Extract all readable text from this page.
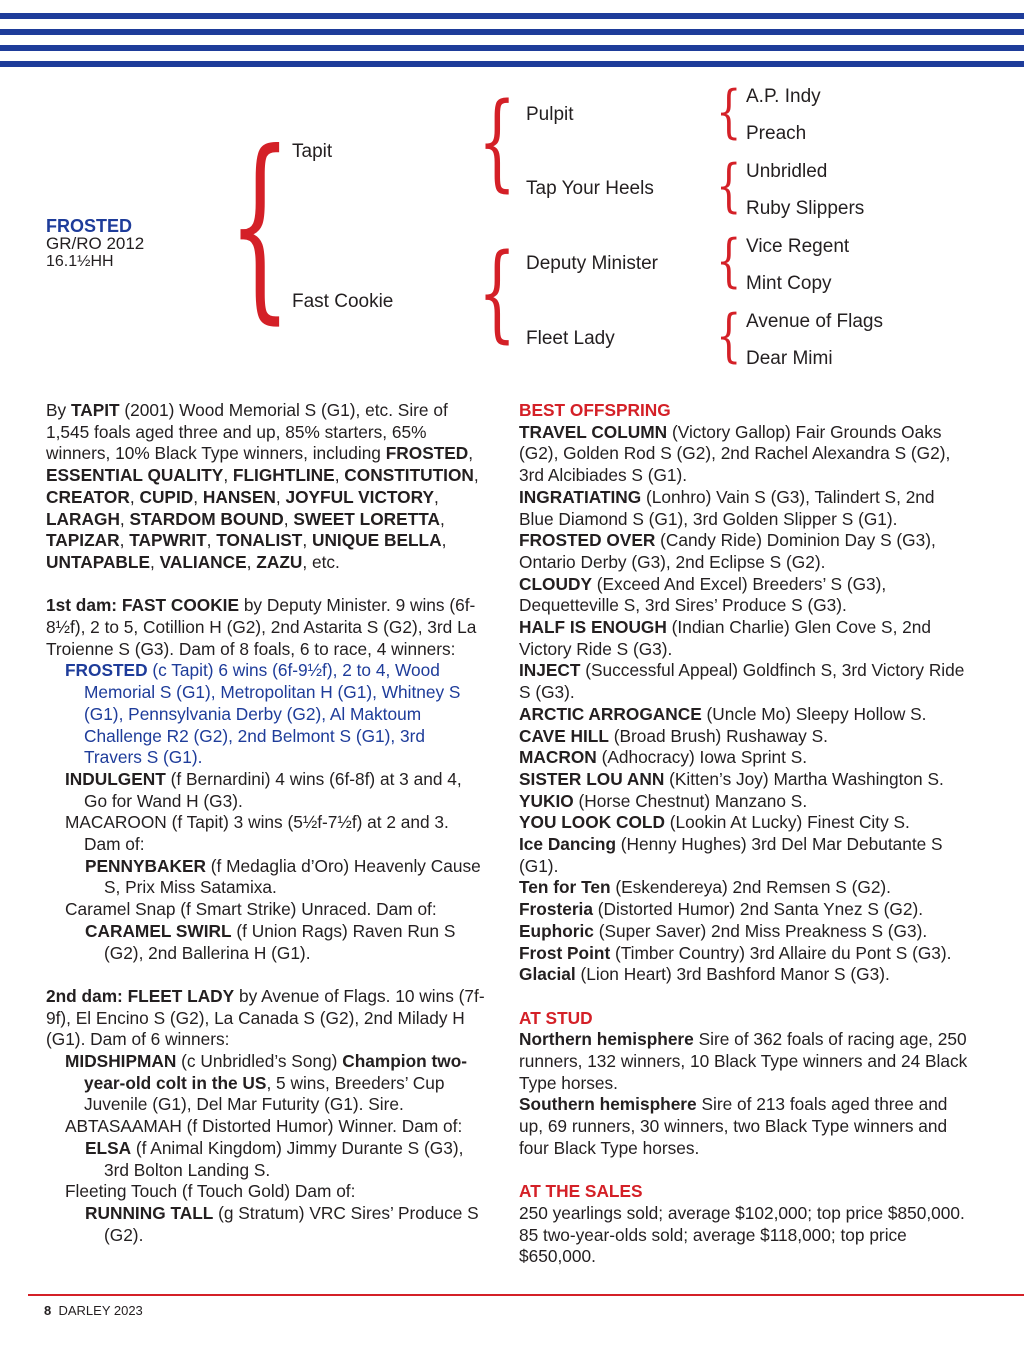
FROSTED
GR/RO 2012
16.1½HH {	{
{
{
{
{
{
Tapit
Fast Cookie
Pulpit
Tap Your Heels
Deputy Minister
Fleet Lady
A.P. Indy
Preach
Unbridled
Ruby Slippers
Vice Regent
Mint Copy
Avenue of Flags
Dear Mimi

By TAPIT (2001) Wood Memorial S (G1), etc. Sire of 1,545 foals aged three and up, 85% starters, 65% winners, 10% Black Type winners, including FROSTED, ESSENTIAL QUALITY, FLIGHTLINE, CONSTITUTION, CREATOR, CUPID, HANSEN, JOYFUL VICTORY, LARAGH, STARDOM BOUND, SWEET LORETTA, TAPIZAR, TAPWRIT, TONALIST, UNIQUE BELLA, UNTAPABLE, VALIANCE, ZAZU, etc.

1st dam: FAST COOKIE by Deputy Minister. 9 wins (6f-8½f), 2 to 5, Cotillion H (G2), 2nd Astarita S (G2), 3rd La Troienne S (G3). Dam of 8 foals, 6 to race, 4 winners:

FROSTED (c Tapit) 6 wins (6f-9½f), 2 to 4, Wood Memorial S (G1), Metropolitan H (G1), Whitney S (G1), Pennsylvania Derby (G2), Al Maktoum Challenge R2 (G2), 2nd Belmont S (G1), 3rd Travers S (G1).

INDULGENT (f Bernardini) 4 wins (6f-8f) at 3 and 4, Go for Wand H (G3).

MACAROON (f Tapit) 3 wins (5½f-7½f) at 2 and 3. Dam of:

PENNYBAKER (f Medaglia d’Oro) Heavenly Cause S, Prix Miss Satamixa.

Caramel Snap (f Smart Strike) Unraced. Dam of:

CARAMEL SWIRL (f Union Rags) Raven Run S (G2), 2nd Ballerina H (G1).

2nd dam: FLEET LADY by Avenue of Flags. 10 wins (7f-9f), El Encino S (G2), La Canada S (G2), 2nd Milady H (G1). Dam of 6 winners:

MIDSHIPMAN (c Unbridled’s Song) Champion two-year-old colt in the US, 5 wins, Breeders’ Cup Juvenile (G1), Del Mar Futurity (G1). Sire.

ABTASAAMAH (f Distorted Humor) Winner. Dam of:

ELSA (f Animal Kingdom) Jimmy Durante S (G3), 3rd Bolton Landing S.

Fleeting Touch (f Touch Gold) Dam of:

RUNNING TALL (g Stratum) VRC Sires’ Produce S (G2).

BEST OFFSPRING

TRAVEL COLUMN (Victory Gallop) Fair Grounds Oaks (G2), Golden Rod S (G2), 2nd Rachel Alexandra S (G2), 3rd Alcibiades S (G1).

INGRATIATING (Lonhro) Vain S (G3), Talindert S, 2nd Blue Diamond S (G1), 3rd Golden Slipper S (G1).

FROSTED OVER (Candy Ride) Dominion Day S (G3), Ontario Derby (G3), 2nd Eclipse S (G2).

CLOUDY (Exceed And Excel) Breeders’ S (G3), Dequetteville S, 3rd Sires’ Produce S (G3).

HALF IS ENOUGH (Indian Charlie) Glen Cove S, 2nd Victory Ride S (G3).

INJECT (Successful Appeal) Goldfinch S, 3rd Victory Ride S (G3).

ARCTIC ARROGANCE (Uncle Mo) Sleepy Hollow S.

CAVE HILL (Broad Brush) Rushaway S.

MACRON (Adhocracy) Iowa Sprint S.

SISTER LOU ANN (Kitten’s Joy) Martha Washington S.

YUKIO (Horse Chestnut) Manzano S.

YOU LOOK COLD (Lookin At Lucky) Finest City S.

Ice Dancing (Henny Hughes) 3rd Del Mar Debutante S (G1).

Ten for Ten (Eskendereya) 2nd Remsen S (G2).

Frosteria (Distorted Humor) 2nd Santa Ynez S (G2).

Euphoric (Super Saver) 2nd Miss Preakness S (G3).

Frost Point (Timber Country) 3rd Allaire du Pont S (G3).

Glacial (Lion Heart) 3rd Bashford Manor S (G3).

AT STUD

Northern hemisphere Sire of 362 foals of racing age, 250 runners, 132 winners, 10 Black Type winners and 24 Black Type horses.

Southern hemisphere Sire of 213 foals aged three and up, 69 runners, 30 winners, two Black Type winners and four Black Type horses.

AT THE SALES

250 yearlings sold; average $102,000; top price $850,000.

85 two-year-olds sold; average $118,000; top price $650,000.

8 DARLEY 2023
